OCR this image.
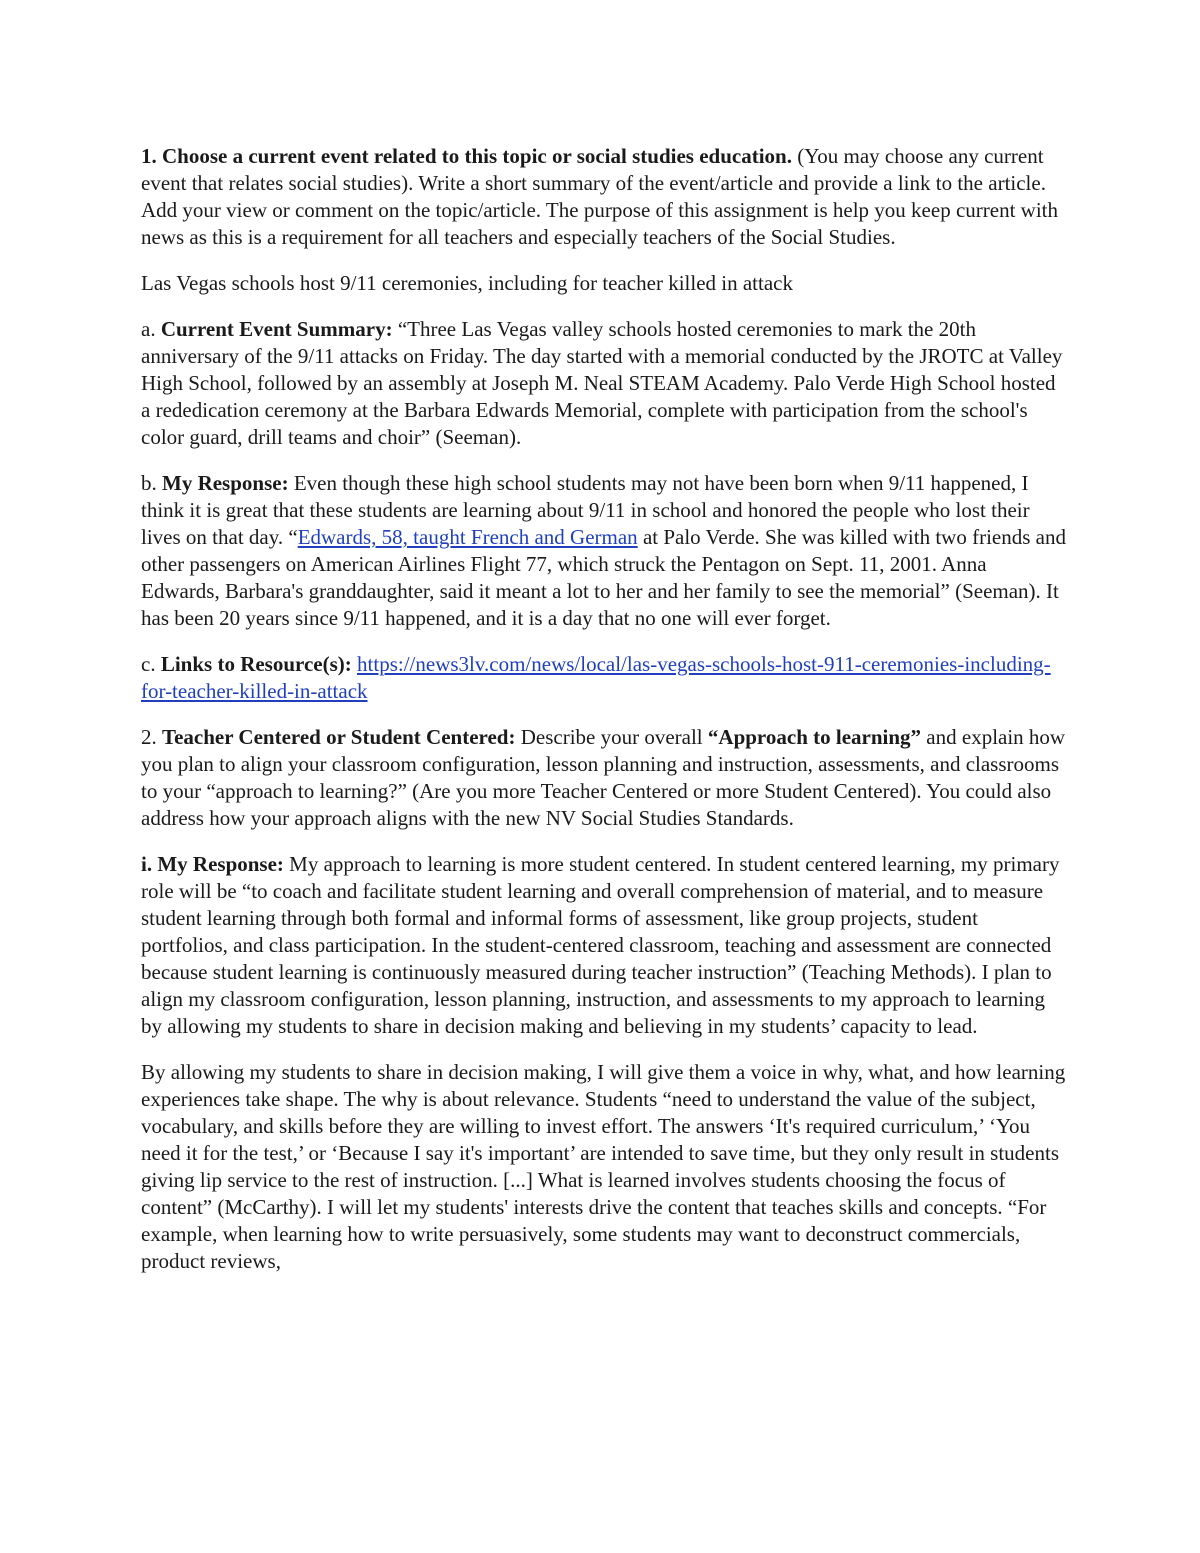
1. Choose a current event related to this topic or social studies education. (You may choose any current event that relates social studies). Write a short summary of the event/article and provide a link to the article. Add your view or comment on the topic/article. The purpose of this assignment is help you keep current with news as this is a requirement for all teachers and especially teachers of the Social Studies.

Las Vegas schools host 9/11 ceremonies, including for teacher killed in attack

a. Current Event Summary: “Three Las Vegas valley schools hosted ceremonies to mark the 20th anniversary of the 9/11 attacks on Friday. The day started with a memorial conducted by the JROTC at Valley High School, followed by an assembly at Joseph M. Neal STEAM Academy. Palo Verde High School hosted a rededication ceremony at the Barbara Edwards Memorial, complete with participation from the school's color guard, drill teams and choir” (Seeman).

b. My Response: Even though these high school students may not have been born when 9/11 happened, I think it is great that these students are learning about 9/11 in school and honored the people who lost their lives on that day. “Edwards, 58, taught French and German at Palo Verde. She was killed with two friends and other passengers on American Airlines Flight 77, which struck the Pentagon on Sept. 11, 2001. Anna Edwards, Barbara's granddaughter, said it meant a lot to her and her family to see the memorial” (Seeman). It has been 20 years since 9/11 happened, and it is a day that no one will ever forget.

c. Links to Resource(s): https://news3lv.com/news/local/las-vegas-schools-host-911-ceremonies-including-for-teacher-killed-in-attack

2. Teacher Centered or Student Centered: Describe your overall “Approach to learning” and explain how you plan to align your classroom configuration, lesson planning and instruction, assessments, and classrooms to your “approach to learning?” (Are you more Teacher Centered or more Student Centered). You could also address how your approach aligns with the new NV Social Studies Standards.

i. My Response: My approach to learning is more student centered. In student centered learning, my primary role will be “to coach and facilitate student learning and overall comprehension of material, and to measure student learning through both formal and informal forms of assessment, like group projects, student portfolios, and class participation. In the student-centered classroom, teaching and assessment are connected because student learning is continuously measured during teacher instruction” (Teaching Methods). I plan to align my classroom configuration, lesson planning, instruction, and assessments to my approach to learning by allowing my students to share in decision making and believing in my students’ capacity to lead.

By allowing my students to share in decision making, I will give them a voice in why, what, and how learning experiences take shape. The why is about relevance. Students “need to understand the value of the subject, vocabulary, and skills before they are willing to invest effort. The answers ‘It's required curriculum,’ ‘You need it for the test,’ or ‘Because I say it's important’ are intended to save time, but they only result in students giving lip service to the rest of instruction. [...] What is learned involves students choosing the focus of content” (McCarthy). I will let my students' interests drive the content that teaches skills and concepts. “For example, when learning how to write persuasively, some students may want to deconstruct commercials, product reviews,
